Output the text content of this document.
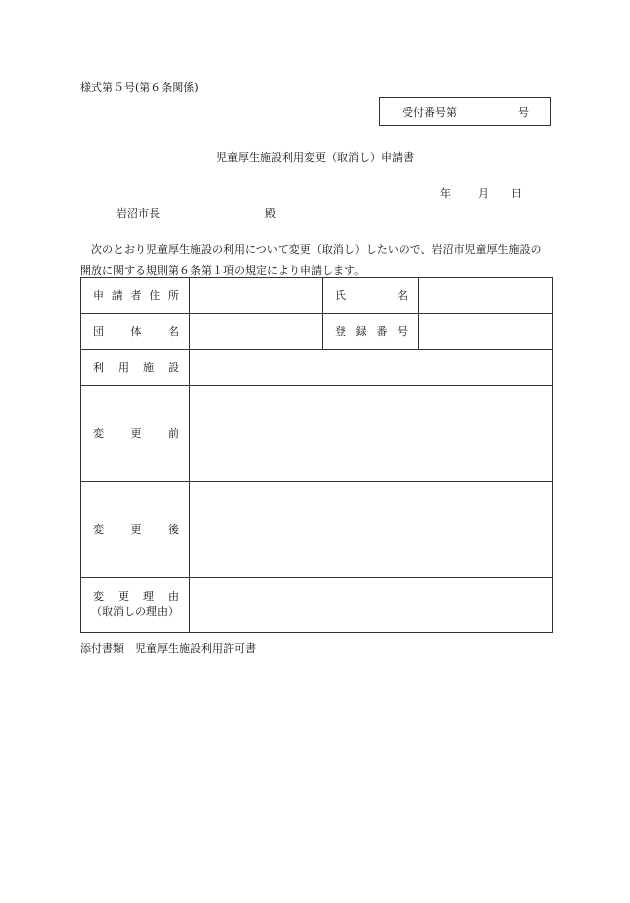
様式第５号(第６条関係)
受付番号第	号
児童厚生施設利用変更（取消し）申請書
年 月 日
岩沼市長	殿
次のとおり児童厚生施設の利用について変更（取消し）したいので、岩沼市児童厚生施設の開放に関する規則第６条第１項の規定により申請します。
申 請 者 住 所		氏 名	

団 体 名		登 録 番 号	

利 用 施 設			

変 更 前			

変 更 後			

変 更 理 由
（取消しの理由）			

添付書類　児童厚生施設利用許可書
